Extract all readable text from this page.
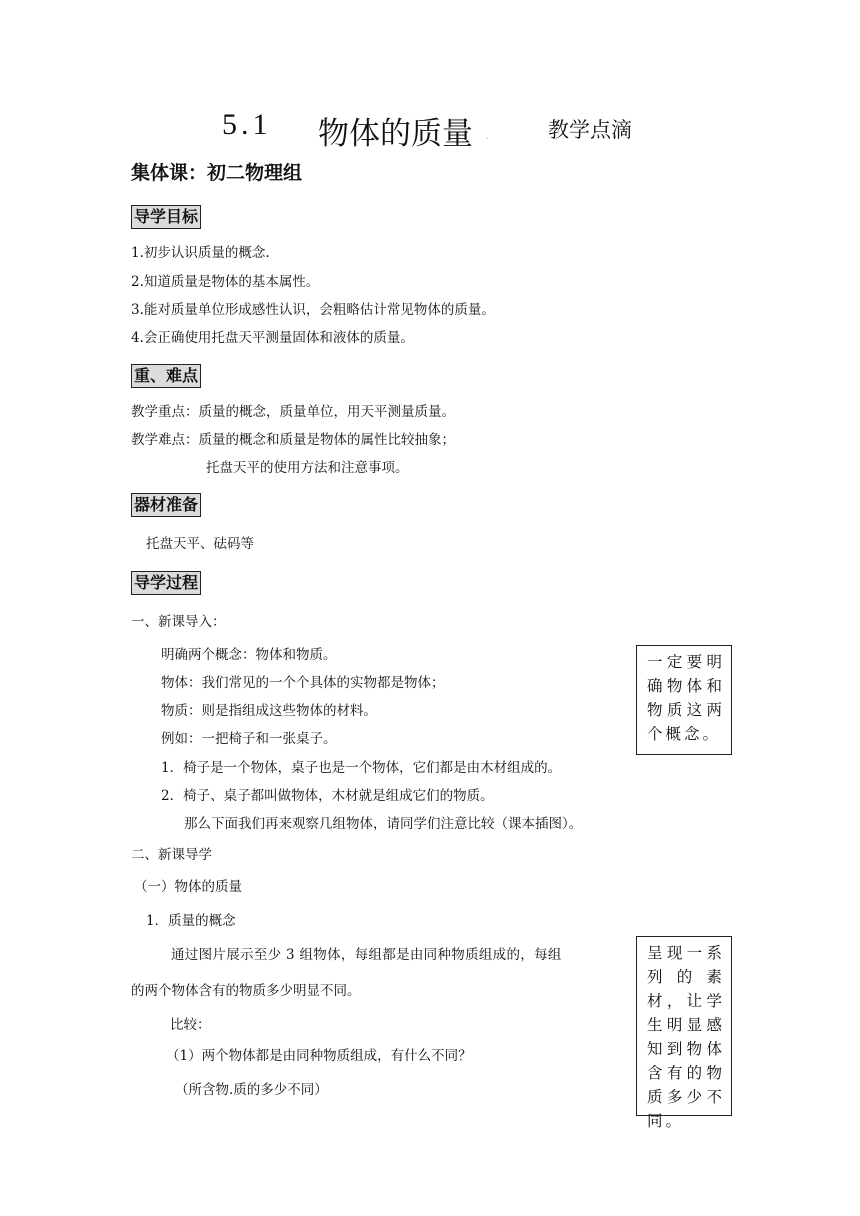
5.1 物体的质量 .	教学点滴
集体课：初二物理组
导学目标
1.初步认识质量的概念.
2.知道质量是物体的基本属性。
3.能对质量单位形成感性认识，会粗略估计常见物体的质量。
4.会正确使用托盘天平测量固体和液体的质量。
重、难点
教学重点：质量的概念，质量单位，用天平测量质量。
教学难点：质量的概念和质量是物体的属性比较抽象；
托盘天平的使用方法和注意事项。
器材准备
托盘天平、砝码等
导学过程
一、新课导入：
明确两个概念：物体和物质。
物体：我们常见的一个个具体的实物都是物体；
物质：则是指组成这些物体的材料。
例如：一把椅子和一张桌子。
1．椅子是一个物体，桌子也是一个物体，它们都是由木材组成的。
2．椅子、桌子都叫做物体，木材就是组成它们的物质。
那么下面我们再来观察几组物体，请同学们注意比较（课本插图）。
二、新课导学
（一）物体的质量
1．质量的概念
通过图片展示至少 3 组物体，每组都是由同种物质组成的，每组
的两个物体含有的物质多少明显不同。
比较：
（1）两个物体都是由同种物质组成，有什么不同？
（所含物.质的多少不同）
一定要明确物体和物质这两个概念。
呈现一系列的素材，让学生明显感知到物体含有的物质多少不同。
